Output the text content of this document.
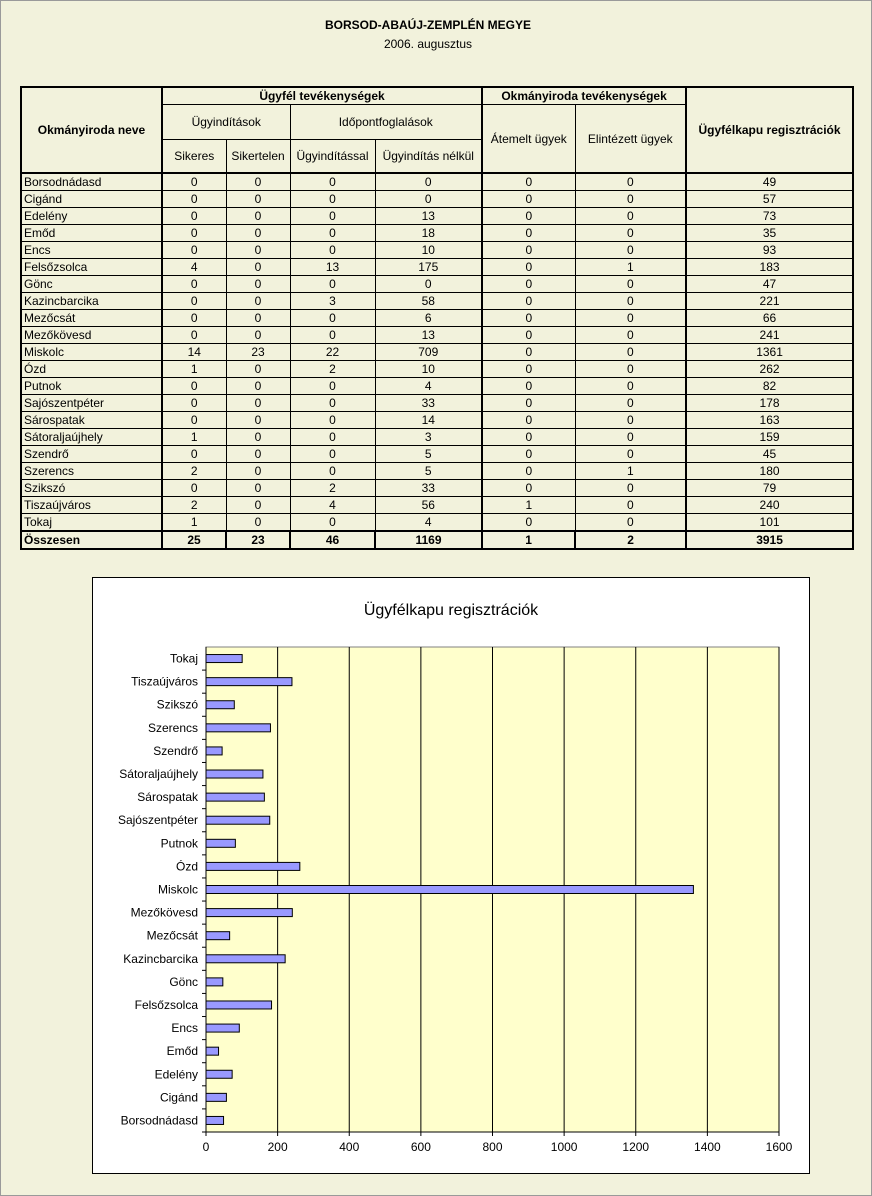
BORSOD-ABAÚJ-ZEMPLÉN MEGYE
2006. augusztus
Okmányiroda neve	Ügyfél tevékenységek				Okmányiroda tevékenységek		Ügyfélkapu regisztrációk
	Ügyindítások		Időpontfoglalások		Átemelt ügyek	Elintézett ügyek	
	Sikeres	Sikertelen	Ügyindítással	Ügyindítás nélkül			
Borsodnádasd	0	0	0	0	0	0	49
Cigánd	0	0	0	0	0	0	57
Edelény	0	0	0	13	0	0	73
Emőd	0	0	0	18	0	0	35
Encs	0	0	0	10	0	0	93
Felsőzsolca	4	0	13	175	0	1	183
Gönc	0	0	0	0	0	0	47
Kazincbarcika	0	0	3	58	0	0	221
Mezőcsát	0	0	0	6	0	0	66
Mezőkövesd	0	0	0	13	0	0	241
Miskolc	14	23	22	709	0	0	1361
Ózd	1	0	2	10	0	0	262
Putnok	0	0	0	4	0	0	82
Sajószentpéter	0	0	0	33	0	0	178
Sárospatak	0	0	0	14	0	0	163
Sátoraljaújhely	1	0	0	3	0	0	159
Szendrő	0	0	0	5	0	0	45
Szerencs	2	0	0	5	0	1	180
Szikszó	0	0	2	33	0	0	79
Tiszaújváros	2	0	4	56	1	0	240
Tokaj	1	0	0	4	0	0	101
Összesen	25	23	46	1169	1	2	3915
Ügyfélkapu regisztrációk
0	200	400	600	800	1000	1200	1400	1600
Borsodnádasd
Cigánd
Edelény
Emőd
Encs
Felsőzsolca
Gönc
Kazincbarcika
Mezőcsát
Mezőkövesd
Miskolc
Ózd
Putnok
Sajószentpéter
Sárospatak
Sátoraljaújhely
Szendrő
Szerencs
Szikszó
Tiszaújváros
Tokaj
